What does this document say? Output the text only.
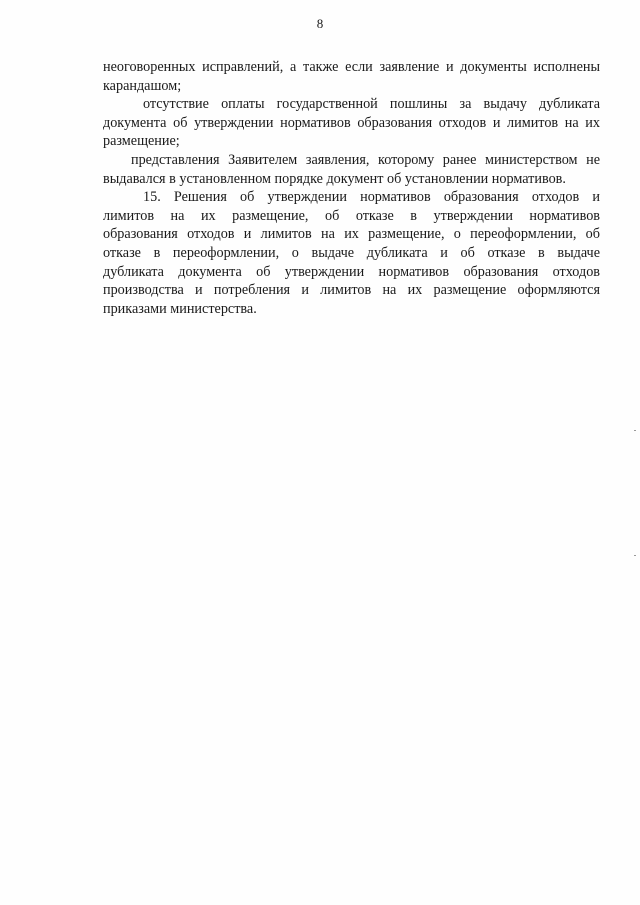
8
неоговоренных исправлений, а также если заявление и документы исполнены
карандашом;
отсутствие оплаты государственной пошлины за выдачу дубликата
документа об утверждении нормативов образования отходов и лимитов на их
размещение;
представления Заявителем заявления, которому ранее министерством не
выдавался в установленном порядке документ об установлении нормативов.
15. Решения об утверждении нормативов образования отходов и
лимитов на их размещение, об отказе в утверждении нормативов
образования отходов и лимитов на их размещение, о переоформлении, об
отказе в переоформлении, о выдаче дубликата и об отказе в выдаче
дубликата документа об утверждении нормативов образования отходов
производства и потребления и лимитов на их размещение оформляются
приказами министерства.
